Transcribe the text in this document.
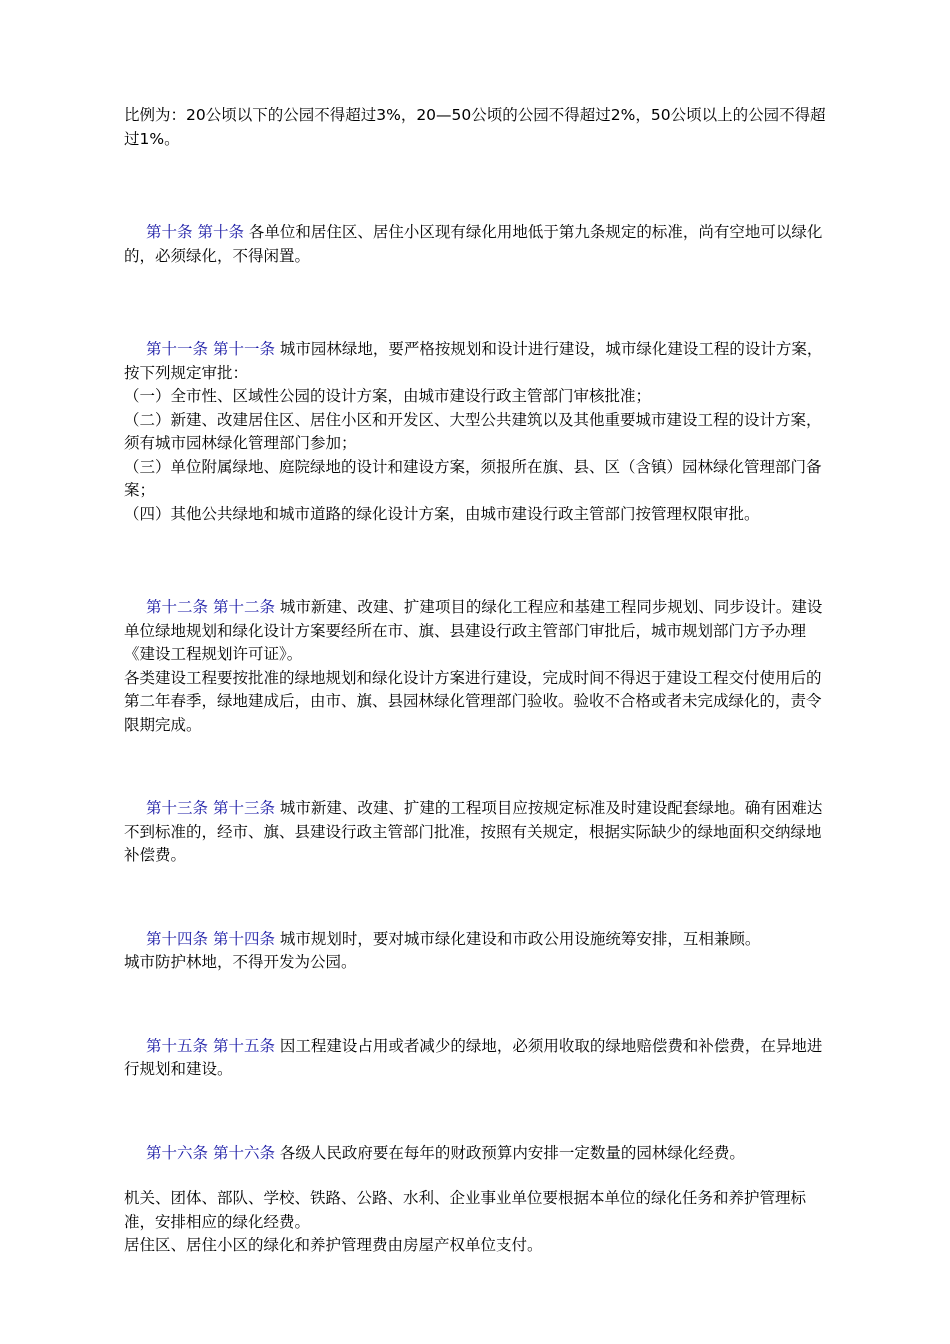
比例为：20公顷以下的公园不得超过3%，20—50公顷的公园不得超过2%，50公顷以上的公园不得超过1%。

第十条 第十条 各单位和居住区、居住小区现有绿化用地低于第九条规定的标准，尚有空地可以绿化的，必须绿化，不得闲置。

第十一条 第十一条 城市园林绿地，要严格按规划和设计进行建设，城市绿化建设工程的设计方案，按下列规定审批：

（一）全市性、区域性公园的设计方案，由城市建设行政主管部门审核批准；

（二）新建、改建居住区、居住小区和开发区、大型公共建筑以及其他重要城市建设工程的设计方案，须有城市园林绿化管理部门参加；

（三）单位附属绿地、庭院绿地的设计和建设方案，须报所在旗、县、区（含镇）园林绿化管理部门备案；

（四）其他公共绿地和城市道路的绿化设计方案，由城市建设行政主管部门按管理权限审批。

第十二条 第十二条 城市新建、改建、扩建项目的绿化工程应和基建工程同步规划、同步设计。建设单位绿地规划和绿化设计方案要经所在市、旗、县建设行政主管部门审批后，城市规划部门方予办理《建设工程规划许可证》。

各类建设工程要按批准的绿地规划和绿化设计方案进行建设，完成时间不得迟于建设工程交付使用后的第二年春季，绿地建成后，由市、旗、县园林绿化管理部门验收。验收不合格或者未完成绿化的，责令限期完成。

第十三条 第十三条 城市新建、改建、扩建的工程项目应按规定标准及时建设配套绿地。确有困难达不到标准的，经市、旗、县建设行政主管部门批准，按照有关规定，根据实际缺少的绿地面积交纳绿地补偿费。

第十四条 第十四条 城市规划时，要对城市绿化建设和市政公用设施统筹安排，互相兼顾。

城市防护林地，不得开发为公园。

第十五条 第十五条 因工程建设占用或者减少的绿地，必须用收取的绿地赔偿费和补偿费，在异地进行规划和建设。

第十六条 第十六条 各级人民政府要在每年的财政预算内安排一定数量的园林绿化经费。

机关、团体、部队、学校、铁路、公路、水利、企业事业单位要根据本单位的绿化任务和养护管理标准，安排相应的绿化经费。

居住区、居住小区的绿化和养护管理费由房屋产权单位支付。
